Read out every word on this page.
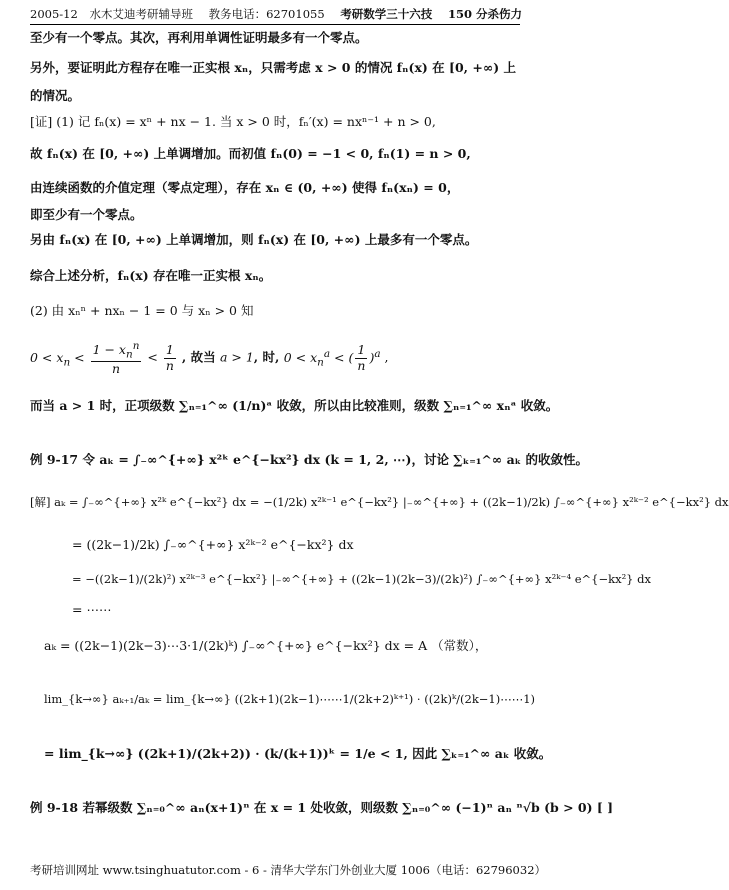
2005-12 水木艾迪考研辅导班 教务电话：62701055 考研数学三十六技 150 分杀伤力
至少有一个零点。其次，再利用单调性证明最多有一个零点。
另外，要证明此方程存在唯一正实根 xₙ，只需考虑 x > 0 的情况 fₙ(x) 在 [0, +∞) 上
的情况。
[证] (1) 记 fₙ(x) = xⁿ + nx − 1. 当 x > 0 时，fₙ′(x) = nxⁿ⁻¹ + n > 0,
故 fₙ(x) 在 [0, +∞) 上单调增加。而初值 fₙ(0) = −1 < 0, fₙ(1) = n > 0,
由连续函数的介值定理（零点定理），存在 xₙ ∈ (0, +∞) 使得 fₙ(xₙ) = 0，
即至少有一个零点。
另由 fₙ(x) 在 [0, +∞) 上单调增加，则 fₙ(x) 在 [0, +∞) 上最多有一个零点。
综合上述分析，fₙ(x) 存在唯一正实根 xₙ。
(2) 由 xₙⁿ + nxₙ − 1 = 0 与 xₙ > 0 知
$0 < x_n < \frac{1 - x_n^n}{n} < \frac{1}{n}$ , 故当 a > 1, 时, $0 < x_n^a$ < ( $\frac{1}{n} )^a$ ,
而当 a > 1 时，正项级数 ∑ₙ₌₁^∞ (1/n)ᵃ 收敛，所以由比较准则，级数 ∑ₙ₌₁^∞ xₙᵃ 收敛。
例 9-17 令 aₖ = ∫₋∞^{+∞} x²ᵏ e^{−kx²} dx (k = 1, 2, ⋯)，讨论 ∑ₖ₌₁^∞ aₖ 的收敛性。
[解] aₖ = ∫₋∞^{+∞} x²ᵏ e^{−kx²} dx = −(1/2k) x²ᵏ⁻¹ e^{−kx²} |₋∞^{+∞} + ((2k−1)/2k) ∫₋∞^{+∞} x²ᵏ⁻² e^{−kx²} dx
= ((2k−1)/2k) ∫₋∞^{+∞} x²ᵏ⁻² e^{−kx²} dx
= −((2k−1)/(2k)²) x²ᵏ⁻³ e^{−kx²} |₋∞^{+∞} + ((2k−1)(2k−3)/(2k)²) ∫₋∞^{+∞} x²ᵏ⁻⁴ e^{−kx²} dx
= ⋯⋯
aₖ = ((2k−1)(2k−3)⋯3·1/(2k)ᵏ) ∫₋∞^{+∞} e^{−kx²} dx = A （常数），
lim_{k→∞} aₖ₊₁/aₖ = lim_{k→∞} ((2k+1)(2k−1)⋯⋯1/(2k+2)ᵏ⁺¹) · ((2k)ᵏ/(2k−1)⋯⋯1)
= lim_{k→∞} ((2k+1)/(2k+2)) · (k/(k+1))ᵏ = 1/e < 1, 因此 ∑ₖ₌₁^∞ aₖ 收敛。
例 9-18 若幂级数 ∑ₙ₌₀^∞ aₙ(x+1)ⁿ 在 x = 1 处收敛，则级数 ∑ₙ₌₀^∞ (−1)ⁿ aₙ ⁿ√b (b > 0) [ ]
考研培训网址 www.tsinghuatutor.com - 6 - 清华大学东门外创业大厦 1006（电话：62796032）
